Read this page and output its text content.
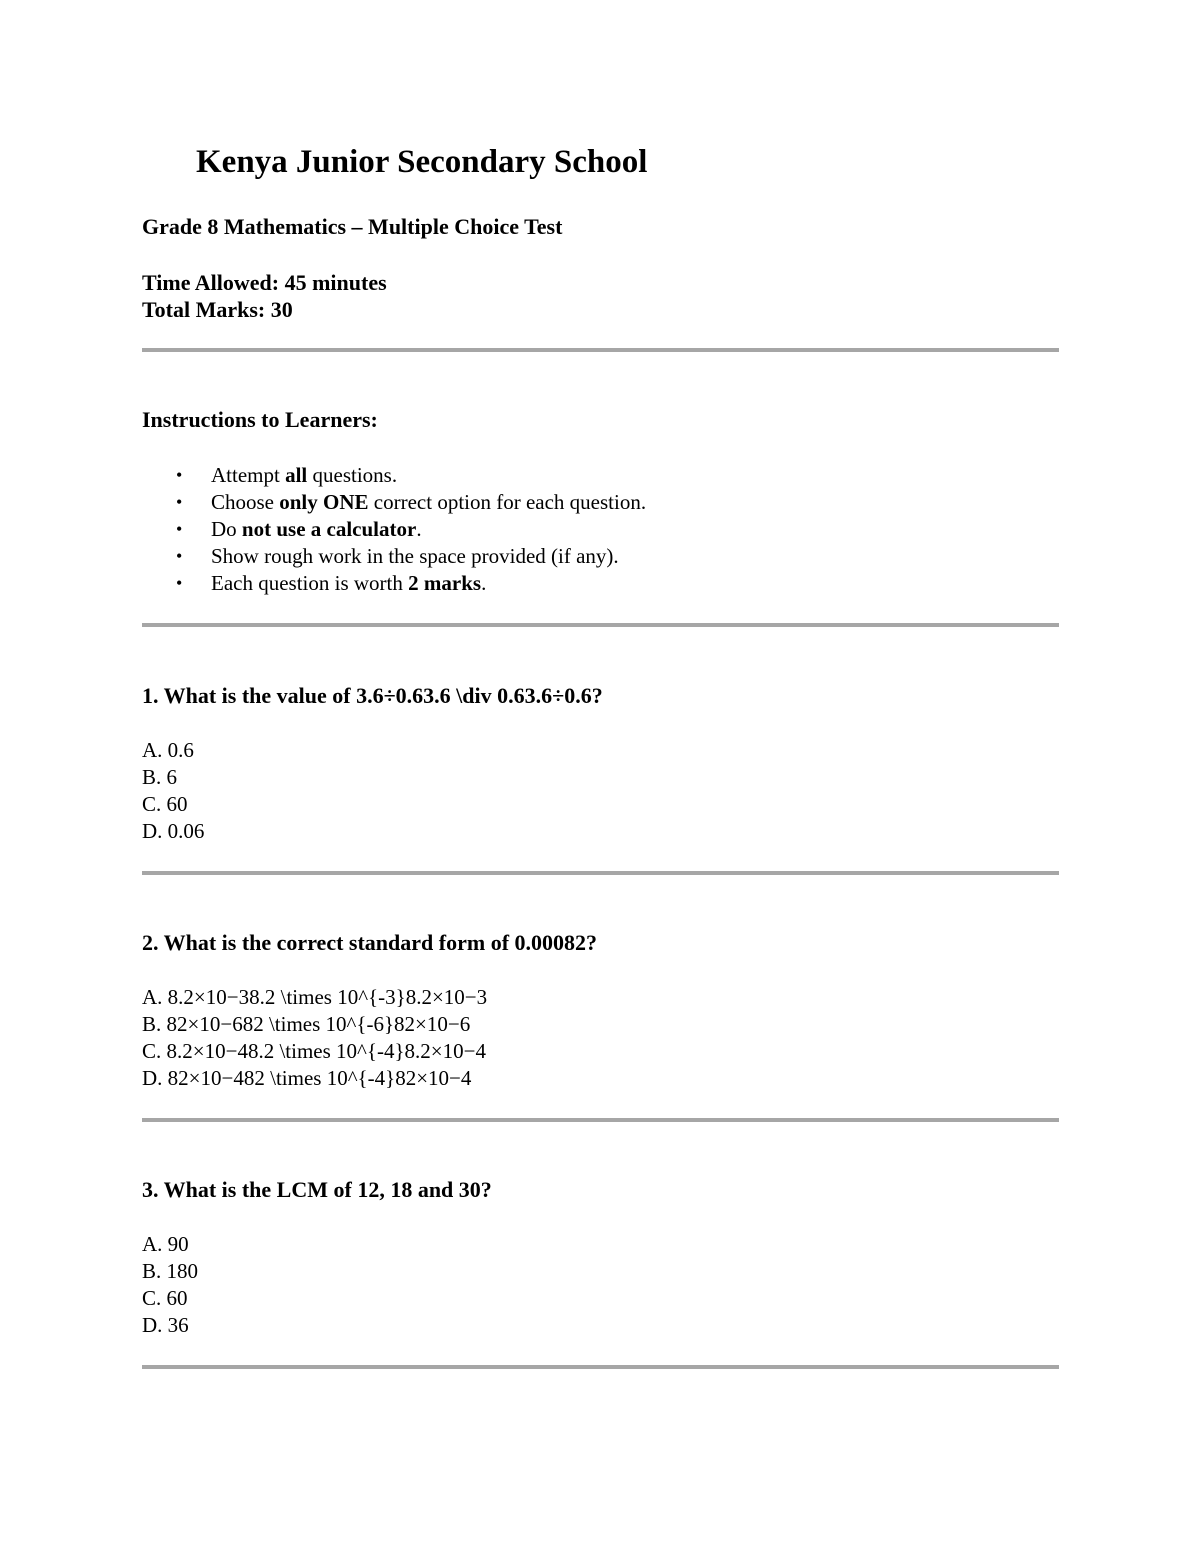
Kenya Junior Secondary School

Grade 8 Mathematics – Multiple Choice Test

Time Allowed: 45 minutes
Total Marks: 30

Instructions to Learners:

• Attempt all questions.
• Choose only ONE correct option for each question.
• Do not use a calculator.
• Show rough work in the space provided (if any).
• Each question is worth 2 marks.

1. What is the value of 3.6÷0.63.6 \div 0.63.6÷0.6?

A . 0.6
B . 6
C . 60
D . 0.06

2. What is the correct standard form of 0.00082?

A . 8.2×10−38.2 \times 10^{-3}8.2×10−3
B . 82×10−682 \times 10^{-6}82×10−6
C . 8.2×10−48.2 \times 10^{-4}8.2×10−4
D . 82×10−482 \times 10^{-4}82×10−4

3. What is the LCM of 12, 18 and 30?

A . 90
B . 180
C . 60
D . 36
